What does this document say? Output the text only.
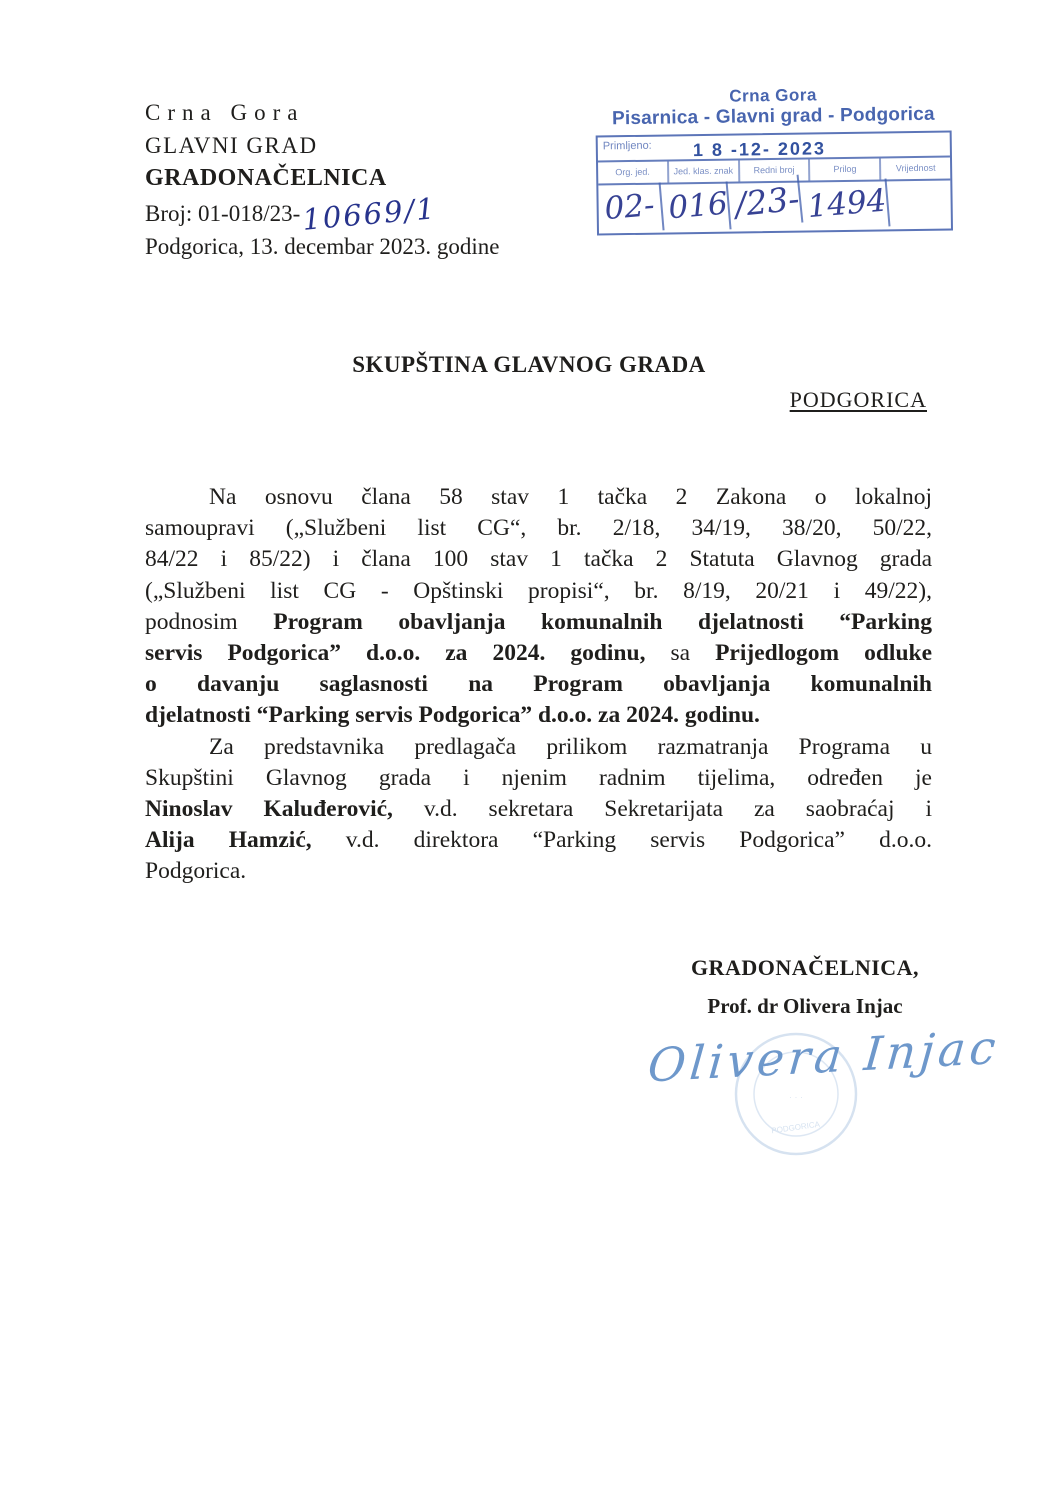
Crna Gora
GLAVNI GRAD
GRADONAČELNICA
Broj: 01-018/23-10669/1
Podgorica, 13. decembar 2023. godine
Crna Gora
Pisarnica - Glavni grad - Podgorica
Primljeno: 1 8 -12- 2023
Org. jed.	Jed. klas. znak	Redni broj	Prilog	Vrijednost
02- 016 /23- 1494
SKUPŠTINA GLAVNOG GRADA
PODGORICA
Na osnovu člana 58 stav 1 tačka 2 Zakona o lokalnoj
samoupravi („Službeni list CG“, br. 2/18, 34/19, 38/20, 50/22,
84/22 i 85/22) i člana 100 stav 1 tačka 2 Statuta Glavnog grada
(„Službeni list CG - Opštinski propisi“, br. 8/19, 20/21 i 49/22),
podnosim Program obavljanja komunalnih djelatnosti “Parking
servis Podgorica” d.o.o. za 2024. godinu, sa Prijedlogom odluke
o davanju saglasnosti na Program obavljanja komunalnih
djelatnosti “Parking servis Podgorica” d.o.o. za 2024. godinu.
Za predstavnika predlagača prilikom razmatranja Programa u
Skupštini Glavnog grada i njenim radnim tijelima, određen je
Ninoslav Kaluđerović, v.d. sekretara Sekretarijata za saobraćaj i
Alija Hamzić, v.d. direktora “Parking servis Podgorica” d.o.o.
Podgorica.
GRADONAČELNICA,
Prof. dr Olivera Injac
PODGORICA
· · ·
Olivera Injac
